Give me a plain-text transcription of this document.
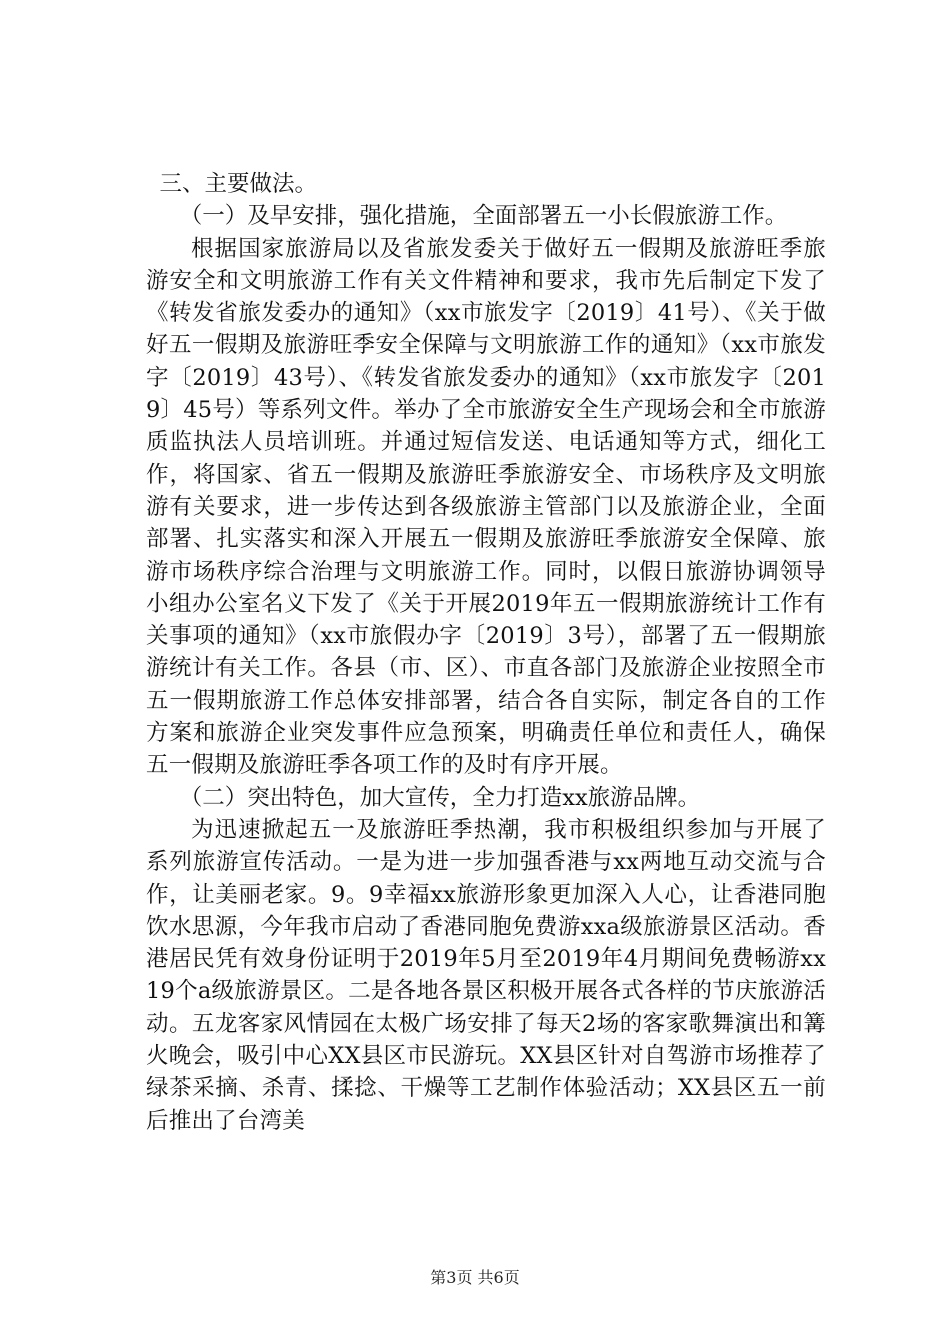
三、主要做法。

（一）及早安排，强化措施，全面部署五一小长假旅游工作。

根据国家旅游局以及省旅发委关于做好五一假期及旅游旺季旅游安全和文明旅游工作有关文件精神和要求，我市先后制定下发了《转发省旅发委办的通知》（xx市旅发字〔2019〕41号）、《关于做好五一假期及旅游旺季安全保障与文明旅游工作的通知》（xx市旅发字〔2019〕43号）、《转发省旅发委办的通知》（xx市旅发字〔2019〕45号）等系列文件。举办了全市旅游安全生产现场会和全市旅游质监执法人员培训班。并通过短信发送、电话通知等方式，细化工作，将国家、省五一假期及旅游旺季旅游安全、市场秩序及文明旅游有关要求，进一步传达到各级旅游主管部门以及旅游企业，全面部署、扎实落实和深入开展五一假期及旅游旺季旅游安全保障、旅游市场秩序综合治理与文明旅游工作。同时，以假日旅游协调领导小组办公室名义下发了《关于开展2019年五一假期旅游统计工作有关事项的通知》（xx市旅假办字〔2019〕3号），部署了五一假期旅游统计有关工作。各县（市、区）、市直各部门及旅游企业按照全市五一假期旅游工作总体安排部署，结合各自实际，制定各自的工作方案和旅游企业突发事件应急预案，明确责任单位和责任人，确保五一假期及旅游旺季各项工作的及时有序开展。

（二）突出特色，加大宣传，全力打造xx旅游品牌。

为迅速掀起五一及旅游旺季热潮，我市积极组织参加与开展了系列旅游宣传活动。一是为进一步加强香港与xx两地互动交流与合作，让美丽老家。9。9幸福xx旅游形象更加深入人心，让香港同胞饮水思源，今年我市启动了香港同胞免费游xxa级旅游景区活动。香港居民凭有效身份证明于2019年5月至2019年4月期间免费畅游xx19个a级旅游景区。二是各地各景区积极开展各式各样的节庆旅游活动。五龙客家风情园在太极广场安排了每天2场的客家歌舞演出和篝火晚会，吸引中心XX县区市民游玩。XX县区针对自驾游市场推荐了绿茶采摘、杀青、揉捻、干燥等工艺制作体验活动；XX县区五一前后推出了台湾美

第3页 共6页
